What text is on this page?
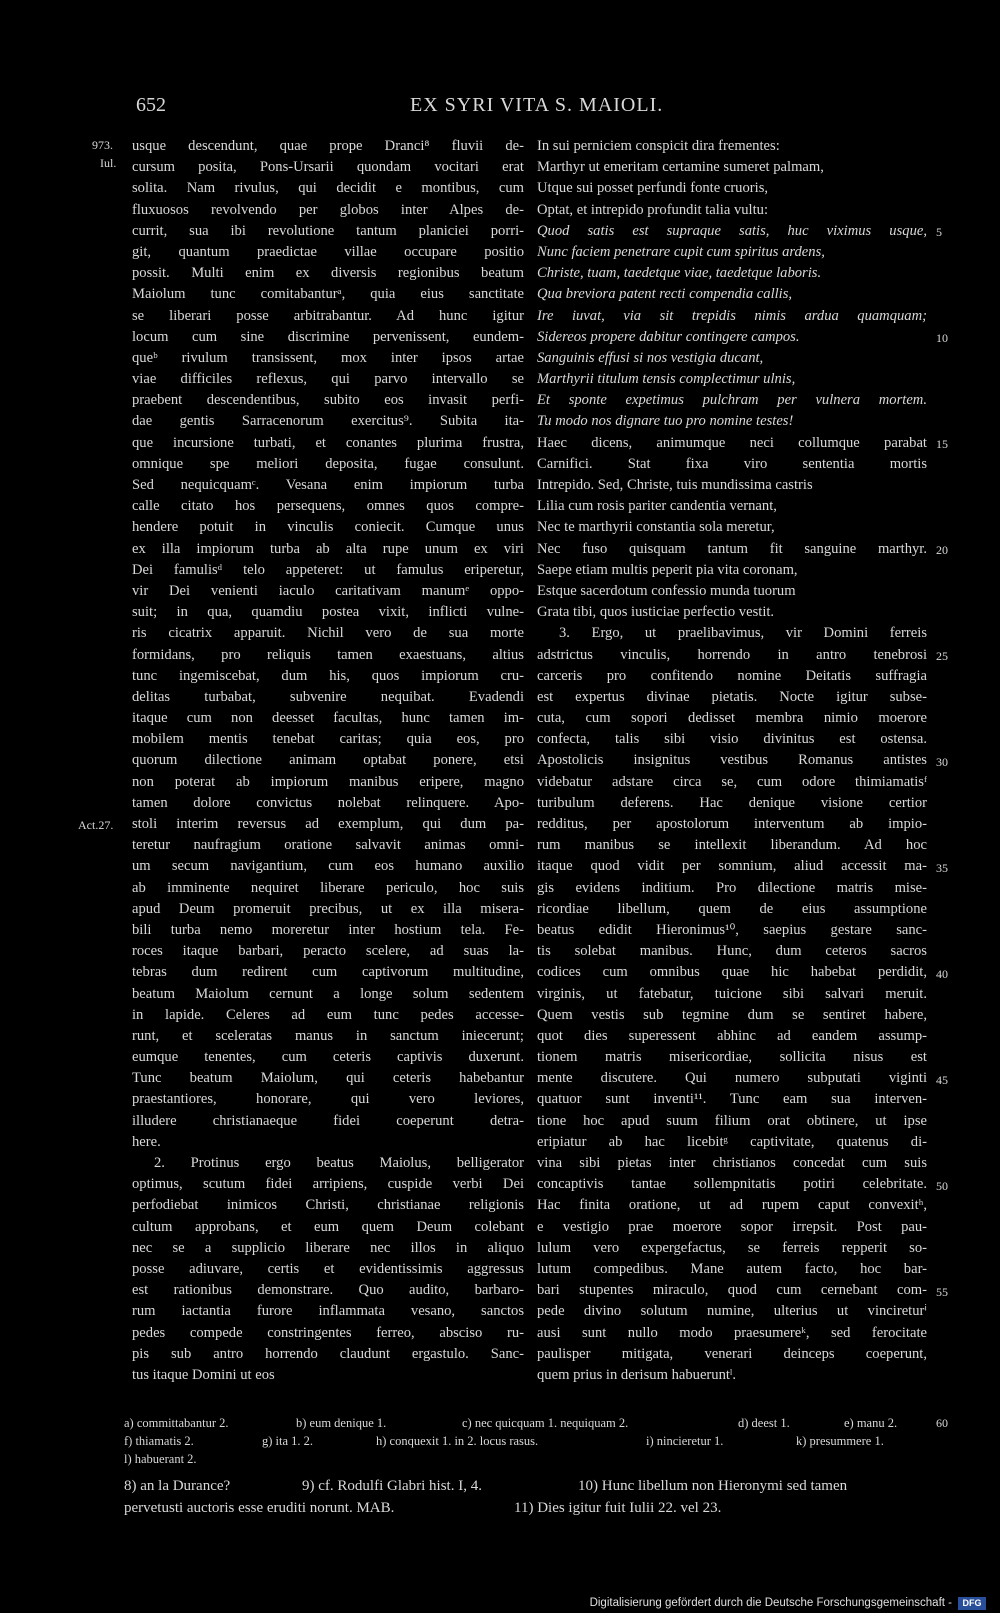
652	EX SYRI VITA S. MAIOLI.
973.
Iul.
Act.27.
usque descendunt, quae prope Dranci⁸ fluvii de-
cursum posita, Pons-Ursarii quondam vocitari erat
solita. Nam rivulus, qui decidit e montibus, cum
fluxuosos revolvendo per globos inter Alpes de-
currit, sua ibi revolutione tantum planiciei porri-
git, quantum praedictae villae occupare positio
possit. Multi enim ex diversis regionibus beatum
Maiolum tunc comitabanturᵃ, quia eius sanctitate
se liberari posse arbitrabantur. Ad hunc igitur
locum cum sine discrimine pervenissent, eundem-
queᵇ rivulum transissent, mox inter ipsos artae
viae difficiles reflexus, qui parvo intervallo se
praebent descendentibus, subito eos invasit perfi-
dae gentis Sarracenorum exercitus⁹. Subita ita-
que incursione turbati, et conantes plurima frustra,
omnique spe meliori deposita, fugae consulunt.
Sed nequicquamᶜ. Vesana enim impiorum turba
calle citato hos persequens, omnes quos compre-
hendere potuit in vinculis coniecit. Cumque unus
ex illa impiorum turba ab alta rupe unum ex viri
Dei famulisᵈ telo appeteret: ut famulus eriperetur,
vir Dei venienti iaculo caritativam manumᵉ oppo-
suit; in qua, quamdiu postea vixit, inflicti vulne-
ris cicatrix apparuit. Nichil vero de sua morte
formidans, pro reliquis tamen exaestuans, altius
tunc ingemiscebat, dum his, quos impiorum cru-
delitas turbabat, subvenire nequibat. Evadendi
itaque cum non deesset facultas, hunc tamen im-
mobilem mentis tenebat caritas; quia eos, pro
quorum dilectione animam optabat ponere, etsi
non poterat ab impiorum manibus eripere, magno
tamen dolore convictus nolebat relinquere. Apo-
stoli interim reversus ad exemplum, qui dum pa-
teretur naufragium oratione salvavit animas omni-
um secum navigantium, cum eos humano auxilio
ab imminente nequiret liberare periculo, hoc suis
apud Deum promeruit precibus, ut ex illa misera-
bili turba nemo moreretur inter hostium tela. Fe-
roces itaque barbari, peracto scelere, ad suas la-
tebras dum redirent cum captivorum multitudine,
beatum Maiolum cernunt a longe solum sedentem
in lapide. Celeres ad eum tunc pedes accesse-
runt, et sceleratas manus in sanctum iniecerunt;
eumque tenentes, cum ceteris captivis duxerunt.
Tunc beatum Maiolum, qui ceteris habebantur
praestantiores, honorare, qui vero leviores,
illudere christianaeque fidei coeperunt detra-
here.
2. Protinus ergo beatus Maiolus, belligerator
optimus, scutum fidei arripiens, cuspide verbi Dei
perfodiebat inimicos Christi, christianae religionis
cultum approbans, et eum quem Deum colebant
nec se a supplicio liberare nec illos in aliquo
posse adiuvare, certis et evidentissimis aggressus
est rationibus demonstrare. Quo audito, barbaro-
rum iactantia furore inflammata vesano, sanctos
pedes compede constringentes ferreo, absciso ru-
pis sub antro horrendo claudunt ergastulo. Sanc-
tus itaque Domini ut eos
In sui perniciem conspicit dira frementes:
Marthyr ut emeritam certamine sumeret palmam,
Utque sui posset perfundi fonte cruoris,
Optat, et intrepido profundit talia vultu:
Quod satis est supraque satis, huc viximus usque,
Nunc faciem penetrare cupit cum spiritus ardens,
Christe, tuam, taedetque viae, taedetque laboris.
Qua breviora patent recti compendia callis,
Ire iuvat, via sit trepidis nimis ardua quamquam;
Sidereos propere dabitur contingere campos.
Sanguinis effusi si nos vestigia ducant,
Marthyrii titulum tensis complectimur ulnis,
Et sponte expetimus pulchram per vulnera mortem.
Tu modo nos dignare tuo pro nomine testes!
Haec dicens, animumque neci collumque parabat
Carnifici. Stat fixa viro sententia mortis
Intrepido. Sed, Christe, tuis mundissima castris
Lilia cum rosis pariter candentia vernant,
Nec te marthyrii constantia sola meretur,
Nec fuso quisquam tantum fit sanguine marthyr.
Saepe etiam multis peperit pia vita coronam,
Estque sacerdotum confessio munda tuorum
Grata tibi, quos iusticiae perfectio vestit.
3. Ergo, ut praelibavimus, vir Domini ferreis
adstrictus vinculis, horrendo in antro tenebrosi
carceris pro confitendo nomine Deitatis suffragia
est expertus divinae pietatis. Nocte igitur subse-
cuta, cum sopori dedisset membra nimio moerore
confecta, talis sibi visio divinitus est ostensa.
Apostolicis insignitus vestibus Romanus antistes
videbatur adstare circa se, cum odore thimiamatisᶠ
turibulum deferens. Hac denique visione certior
redditus, per apostolorum interventum ab impio-
rum manibus se intellexit liberandum. Ad hoc
itaque quod vidit per somnium, aliud accessit ma-
gis evidens inditium. Pro dilectione matris mise-
ricordiae libellum, quem de eius assumptione
beatus edidit Hieronimus¹⁰, saepius gestare sanc-
tis solebat manibus. Hunc, dum ceteros sacros
codices cum omnibus quae hic habebat perdidit,
virginis, ut fatebatur, tuicione sibi salvari meruit.
Quem vestis sub tegmine dum se sentiret habere,
quot dies superessent abhinc ad eandem assump-
tionem matris misericordiae, sollicita nisus est
mente discutere. Qui numero subputati viginti
quatuor sunt inventi¹¹. Tunc eam sua interven-
tione hoc apud suum filium orat obtinere, ut ipse
eripiatur ab hac licebitᵍ captivitate, quatenus di-
vina sibi pietas inter christianos concedat cum suis
concaptivis tantae sollempnitatis potiri celebritate.
Hac finita oratione, ut ad rupem caput convexitʰ,
e vestigio prae moerore sopor irrepsit. Post pau-
lulum vero expergefactus, se ferreis repperit so-
lutum compedibus. Mane autem facto, hoc bar-
bari stupentes miraculo, quod cum cernebant com-
pede divino solutum numine, ulterius ut vincireturⁱ
ausi sunt nullo modo praesumereᵏ, sed ferocitate
paulisper mitigata, venerari deinceps coeperunt,
quem prius in derisum habueruntˡ.
5
10
15
20
25
30
35
40
45
50
55
60
a) committabantur 2.	b) eum denique 1.	c) nec quicquam 1. nequiquam 2.	d) deest 1.	e) manu 2.
f) thiamatis 2.	g) ita 1. 2.	h) conquexit 1. in 2. locus rasus.	i) nincieretur 1.	k) presummere 1.
l) habuerant 2.
8) an la Durance?	9) cf. Rodulfi Glabri hist. I, 4.	10) Hunc libellum non Hieronymi sed tamen
pervetusti auctoris esse eruditi norunt. MAB.	11) Dies igitur fuit Iulii 22. vel 23.
Digitalisierung gefördert durch die Deutsche Forschungsgemeinschaft -	DFG
